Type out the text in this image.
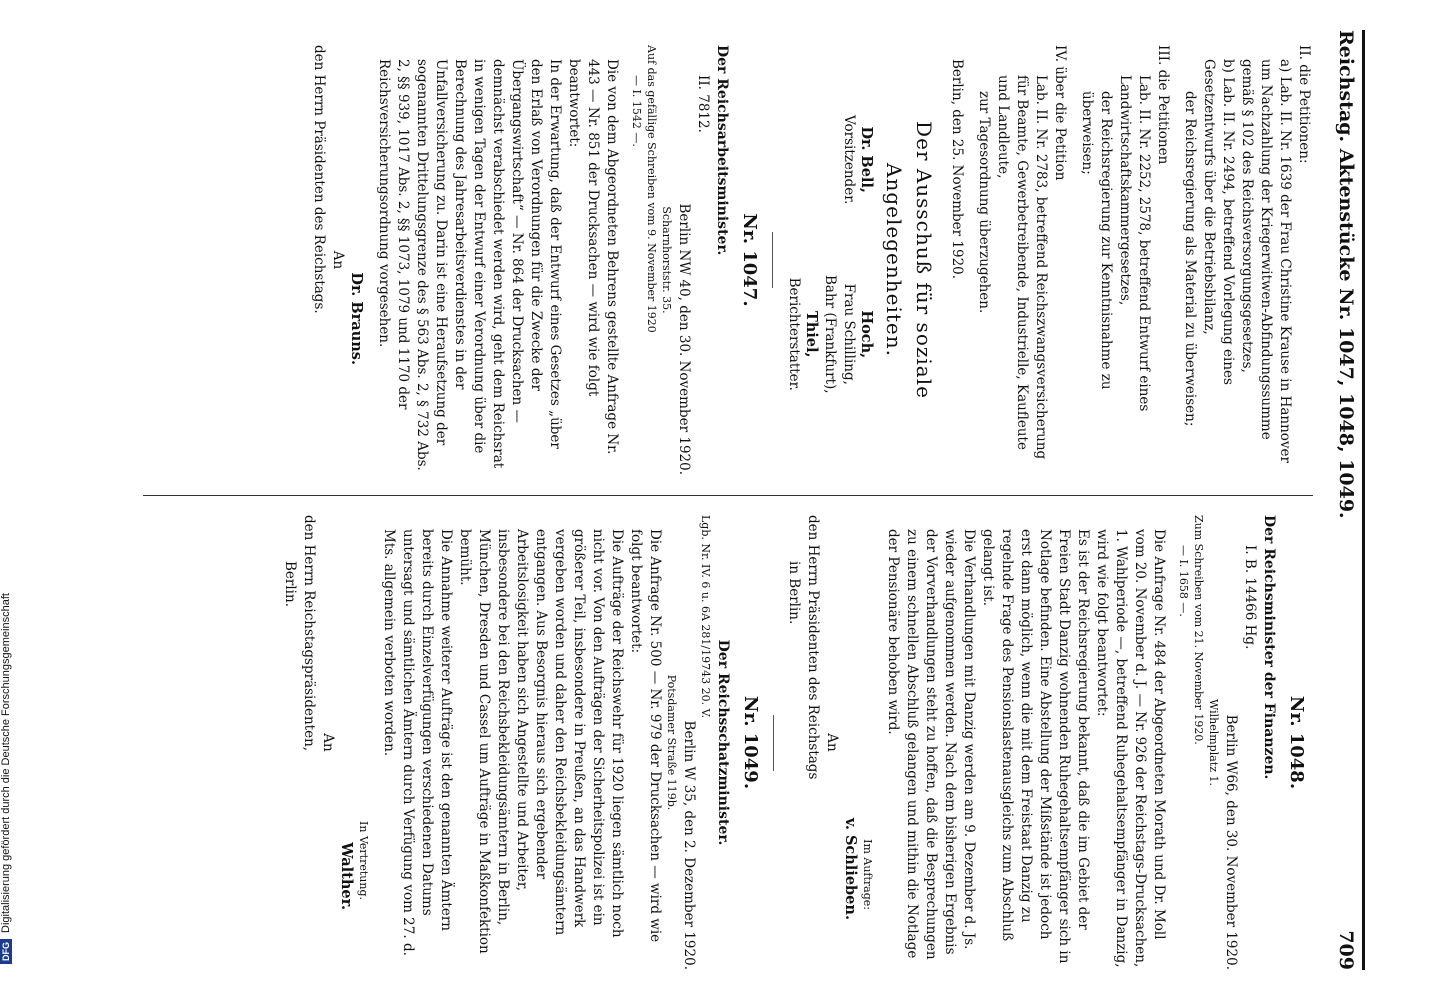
DFGDigitalisierung gefördert durch die Deutsche Forschungsgemeinschaft
Reichstag. Aktenstücke Nr. 1047, 1048, 1049.
709

II. die Petitionen:

a) Lab. II. Nr. 1639 der Frau Christine Krause in Hannover um Nachzahlung der Kriegerwitwen-Abfindungssumme gemäß § 102 des Reichsversorgungsgesetzes,

b) Lab. II. Nr. 2494, betreffend Vorlegung eines Gesetzentwurfs über die Betriebsbilanz,

der Reichsregierung als Material zu überweisen;

III. die Petitionen

Lab. II. Nr. 2252, 2578, betreffend Entwurf eines Landwirtschaftskammergesetzes,

der Reichsregierung zur Kenntnisnahme zu überweisen;

IV. über die Petition

Lab. II. Nr. 2783, betreffend Reichszwangsversicherung für Beamte, Gewerbetreibende, Industrielle, Kaufleute und Landleute,

zur Tagesordnung überzugehen.

Berlin, den 25. November 1920.

Der Ausschuß für soziale Angelegenheiten.

Dr. Bell,
Vorsitzender.
Hoch,
Frau Schilling,
Bahr (Frankfurt),
Thiel,
Berichterstatter.

Nr. 1047.

Der Reichsarbeitsminister.

II. 7812.

Berlin NW 40, den 30. November 1920.

Scharnhorststr. 35.

Auf das gefällige Schreiben vom 9. November 1920

— I. 1542 —.

Die von dem Abgeordneten Behrens gestellte Anfrage Nr. 443 — Nr. 851 der Drucksachen — wird wie folgt beantwortet:

In der Erwartung, daß der Entwurf eines Gesetzes „über den Erlaß von Verordnungen für die Zwecke der Übergangswirtschaft“ — Nr. 864 der Drucksachen — demnächst verabschiedet werden wird, geht dem Reichsrat in wenigen Tagen der Entwurf einer Verordnung über die Berechnung des Jahresarbeitsverdienstes in der Unfallversicherung zu. Darin ist eine Heraufsetzung der sogenannten Drittelungsgrenze des § 563 Abs. 2, § 732 Abs. 2, §§ 939, 1017 Abs. 2, §§ 1073, 1079 und 1170 der Reichsversicherungsordnung vorgesehen.

Dr. Brauns.

An

den Herrn Präsidenten des Reichstags.

Nr. 1048.

Der Reichsminister der Finanzen.

I. B. 14466 Hg.

Berlin W66, den 30. November 1920.

Wilhelmplatz 1.

Zum Schreiben vom 21. November 1920.

— I. 1658 —.

Die Anfrage Nr. 484 der Abgeordneten Morath und Dr. Moll vom 20. November d. J. — Nr. 926 der Reichstags-Drucksachen, 1. Wahlperiode —, betreffend Ruhegehaltsempfänger in Danzig, wird wie folgt beantwortet:

Es ist der Reichsregierung bekannt, daß die im Gebiet der Freien Stadt Danzig wohnenden Ruhegehaltsempfänger sich in Notlage befinden. Eine Abstellung der Mißstände ist jedoch erst dann möglich, wenn die mit dem Freistaat Danzig zu regelnde Frage des Pensionslastenausgleichs zum Abschluß gelangt ist.

Die Verhandlungen mit Danzig werden am 9. Dezember d. Js. wieder aufgenommen werden. Nach dem bisherigen Ergebnis der Vorverhandlungen steht zu hoffen, daß die Besprechungen zu einem schnellen Abschluß gelangen und mithin die Notlage der Pensionäre behoben wird.

Im Auftrage:

v. Schlieben.

An

den Herrn Präsidenten des Reichstags

in Berlin.

Nr. 1049.

Der Reichsschatzminister.

Lgb. Nr. IV. 6 u. 6A 281/19743 20. V.

Berlin W 35, den 2. Dezember 1920.

Potsdamer Straße 119b.

Die Anfrage Nr. 500 — Nr. 979 der Drucksachen — wird wie folgt beantwortet:

Die Aufträge der Reichswehr für 1920 liegen sämtlich noch nicht vor. Von den Aufträgen der Sicherheitspolizei ist ein größerer Teil, insbesondere in Preußen, an das Handwerk vergeben worden und daher den Reichsbekleidungsämtern entgangen. Aus Besorgnis hieraus sich ergebender Arbeitslosigkeit haben sich Angestellte und Arbeiter, insbesondere bei den Reichsbekleidungsämtern in Berlin, München, Dresden und Cassel um Aufträge in Maßkonfektion bemüht.

Die Annahme weiterer Aufträge ist den genannten Ämtern bereits durch Einzelverfügungen verschiedenen Datums untersagt und sämtlichen Ämtern durch Verfügung vom 27. d. Mts. allgemein verboten worden.

In Vertretung.

Walther.

An

den Herrn Reichstagspräsidenten,

Berlin.
